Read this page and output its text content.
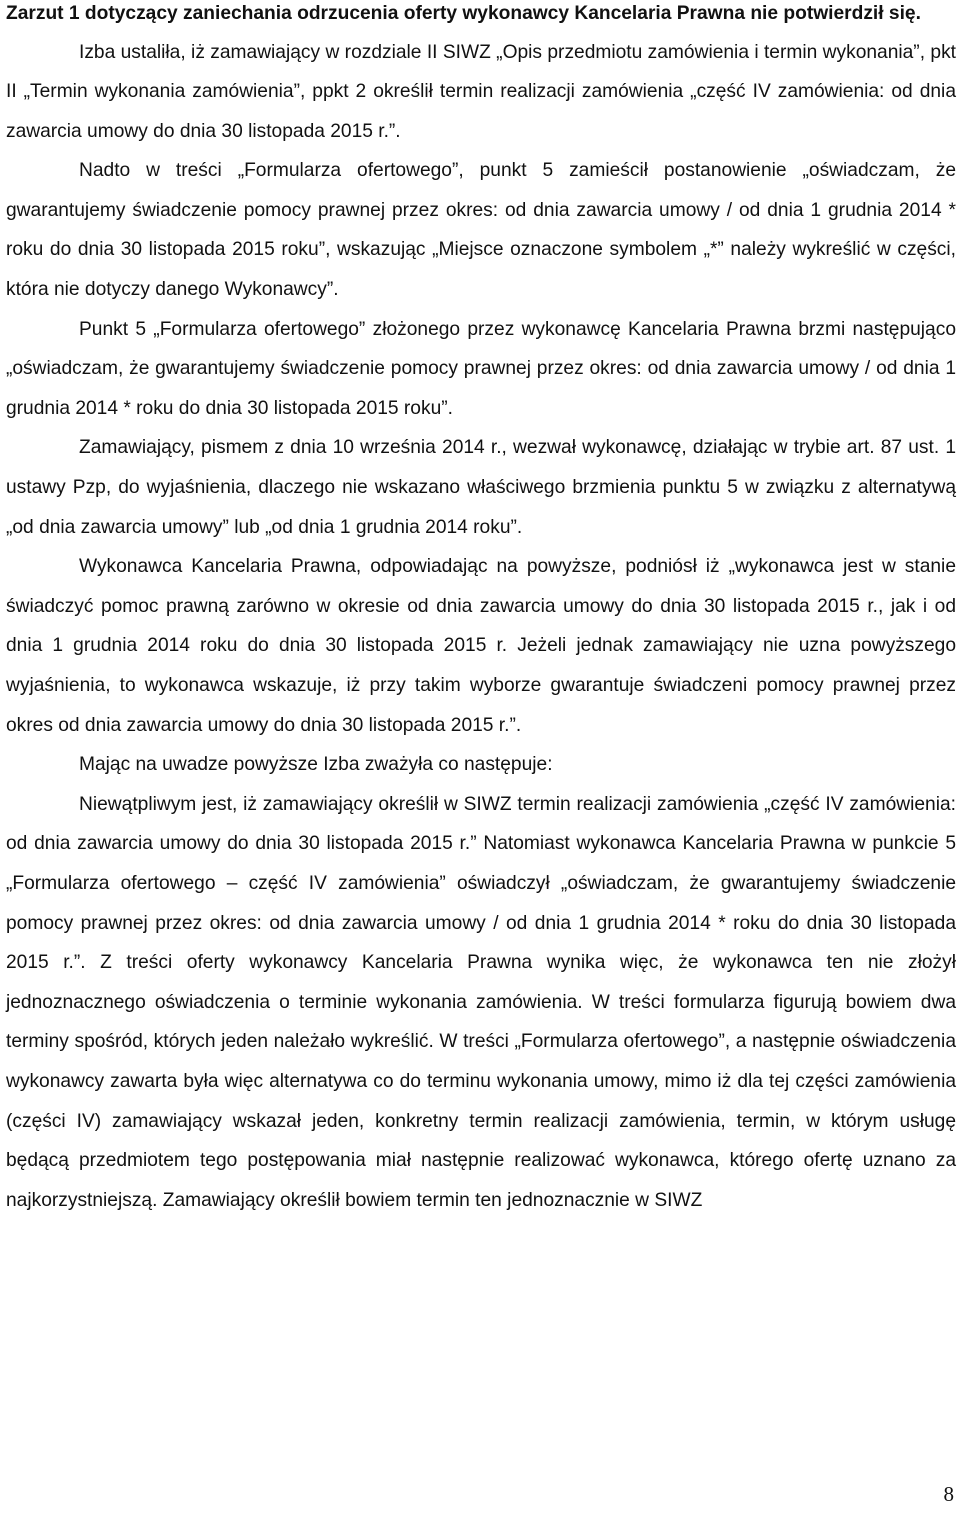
Zarzut 1 dotyczący zaniechania odrzucenia oferty wykonawcy Kancelaria Prawna nie potwierdził się.

Izba ustaliła, iż zamawiający w rozdziale II SIWZ „Opis przedmiotu zamówienia i termin wykonania”, pkt II „Termin wykonania zamówienia”, ppkt 2 określił termin realizacji zamówienia „część IV zamówienia: od dnia zawarcia umowy do dnia 30 listopada 2015 r.”.

Nadto w treści „Formularza ofertowego”, punkt 5 zamieścił postanowienie „oświadczam, że gwarantujemy świadczenie pomocy prawnej przez okres: od dnia zawarcia umowy / od dnia 1 grudnia 2014 * roku do dnia 30 listopada 2015 roku”, wskazując „Miejsce oznaczone symbolem „*” należy wykreślić w części, która nie dotyczy danego Wykonawcy”.

Punkt 5 „Formularza ofertowego” złożonego przez wykonawcę Kancelaria Prawna brzmi następująco „oświadczam, że gwarantujemy świadczenie pomocy prawnej przez okres: od dnia zawarcia umowy / od dnia 1 grudnia 2014 * roku do dnia 30 listopada 2015 roku”.

Zamawiający, pismem z dnia 10 września 2014 r., wezwał wykonawcę, działając w trybie art. 87 ust. 1 ustawy Pzp, do wyjaśnienia, dlaczego nie wskazano właściwego brzmienia punktu 5 w związku z alternatywą „od dnia zawarcia umowy” lub „od dnia 1 grudnia 2014 roku”.

Wykonawca Kancelaria Prawna, odpowiadając na powyższe, podniósł iż „wykonawca jest w stanie świadczyć pomoc prawną zarówno w okresie od dnia zawarcia umowy do dnia 30 listopada 2015 r., jak i od dnia 1 grudnia 2014 roku do dnia 30 listopada 2015 r. Jeżeli jednak zamawiający nie uzna powyższego wyjaśnienia, to wykonawca wskazuje, iż przy takim wyborze gwarantuje świadczeni pomocy prawnej przez okres od dnia zawarcia umowy do dnia 30 listopada 2015 r.”.

Mając na uwadze powyższe Izba zważyła co następuje:

Niewątpliwym jest, iż zamawiający określił w SIWZ termin realizacji zamówienia „część IV zamówienia: od dnia zawarcia umowy do dnia 30 listopada 2015 r.” Natomiast wykonawca Kancelaria Prawna w punkcie 5 „Formularza ofertowego – część IV zamówienia” oświadczył „oświadczam, że gwarantujemy świadczenie pomocy prawnej przez okres: od dnia zawarcia umowy / od dnia 1 grudnia 2014 * roku do dnia 30 listopada 2015 r.”. Z treści oferty wykonawcy Kancelaria Prawna wynika więc, że wykonawca ten nie złożył jednoznacznego oświadczenia o terminie wykonania zamówienia. W treści formularza figurują bowiem dwa terminy spośród, których jeden należało wykreślić. W treści „Formularza ofertowego”, a następnie oświadczenia wykonawcy zawarta była więc alternatywa co do terminu wykonania umowy, mimo iż dla tej części zamówienia (części IV) zamawiający wskazał jeden, konkretny termin realizacji zamówienia, termin, w którym usługę będącą przedmiotem tego postępowania miał następnie realizować wykonawca, którego ofertę uznano za najkorzystniejszą. Zamawiający określił bowiem termin ten jednoznacznie w SIWZ

8
